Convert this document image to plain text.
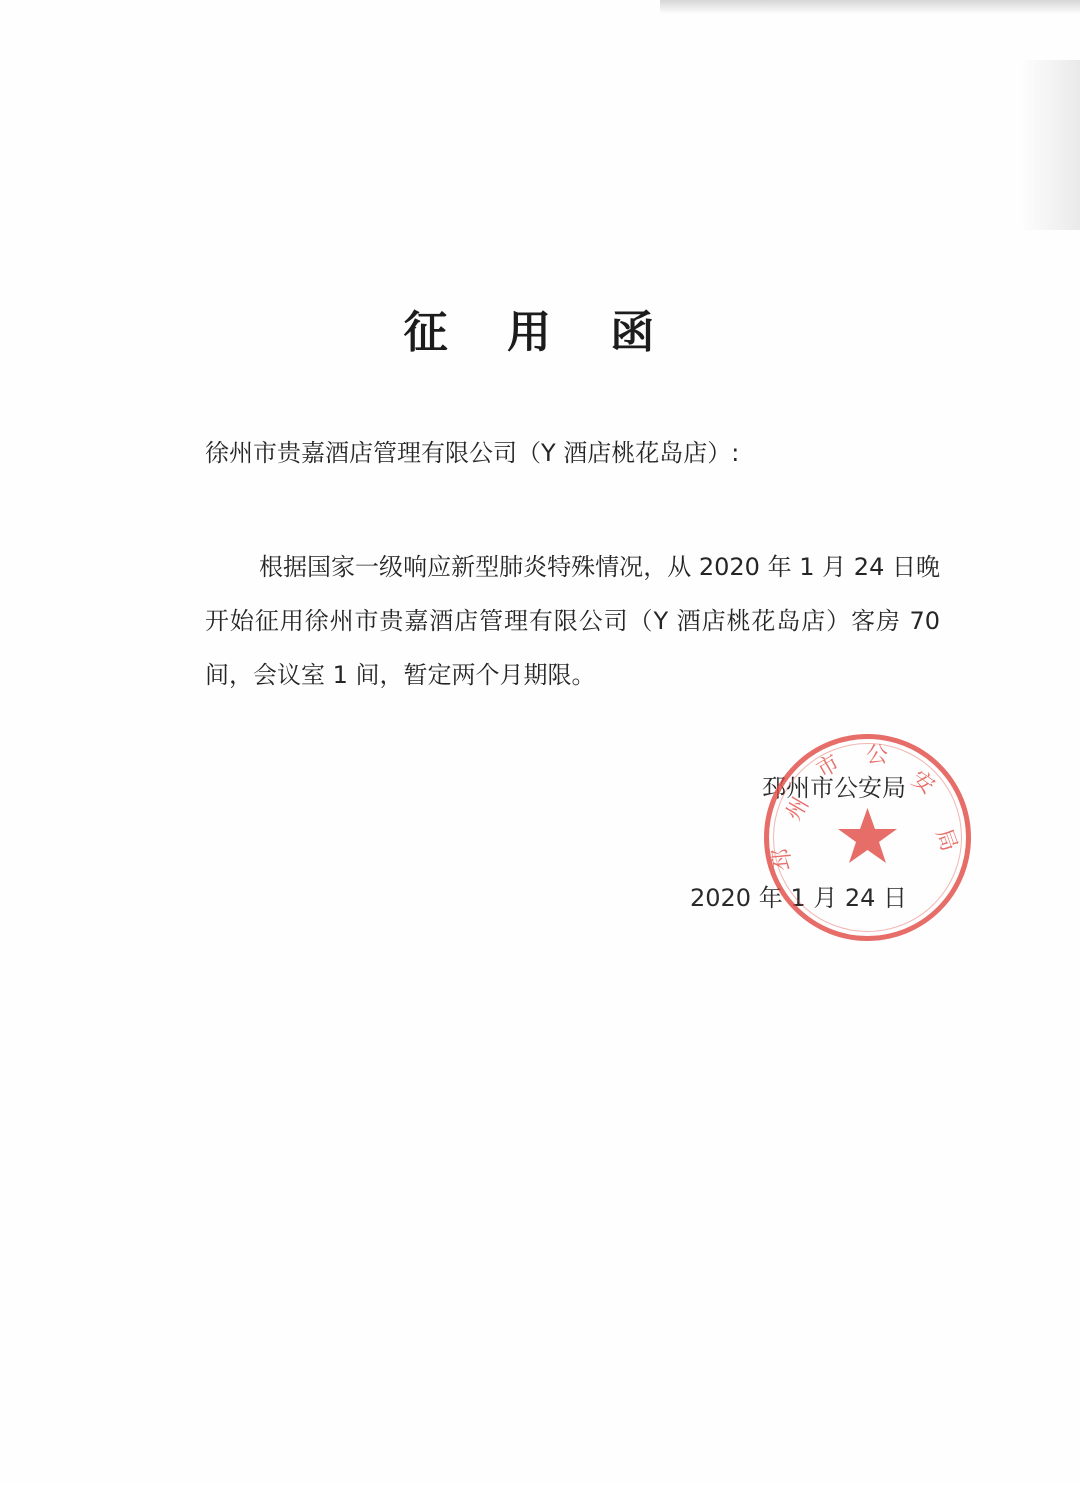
征 用 函
徐州市贵嘉酒店管理有限公司（Y 酒店桃花岛店）:
根据国家一级响应新型肺炎特殊情况，从 2020 年 1 月 24 日晚开始征用徐州市贵嘉酒店管理有限公司（Y 酒店桃花岛店）客房 70 间，会议室 1 间，暂定两个月期限。
邳州市公安局
2020 年 1 月 24 日
州
市 公
安
局
邳
